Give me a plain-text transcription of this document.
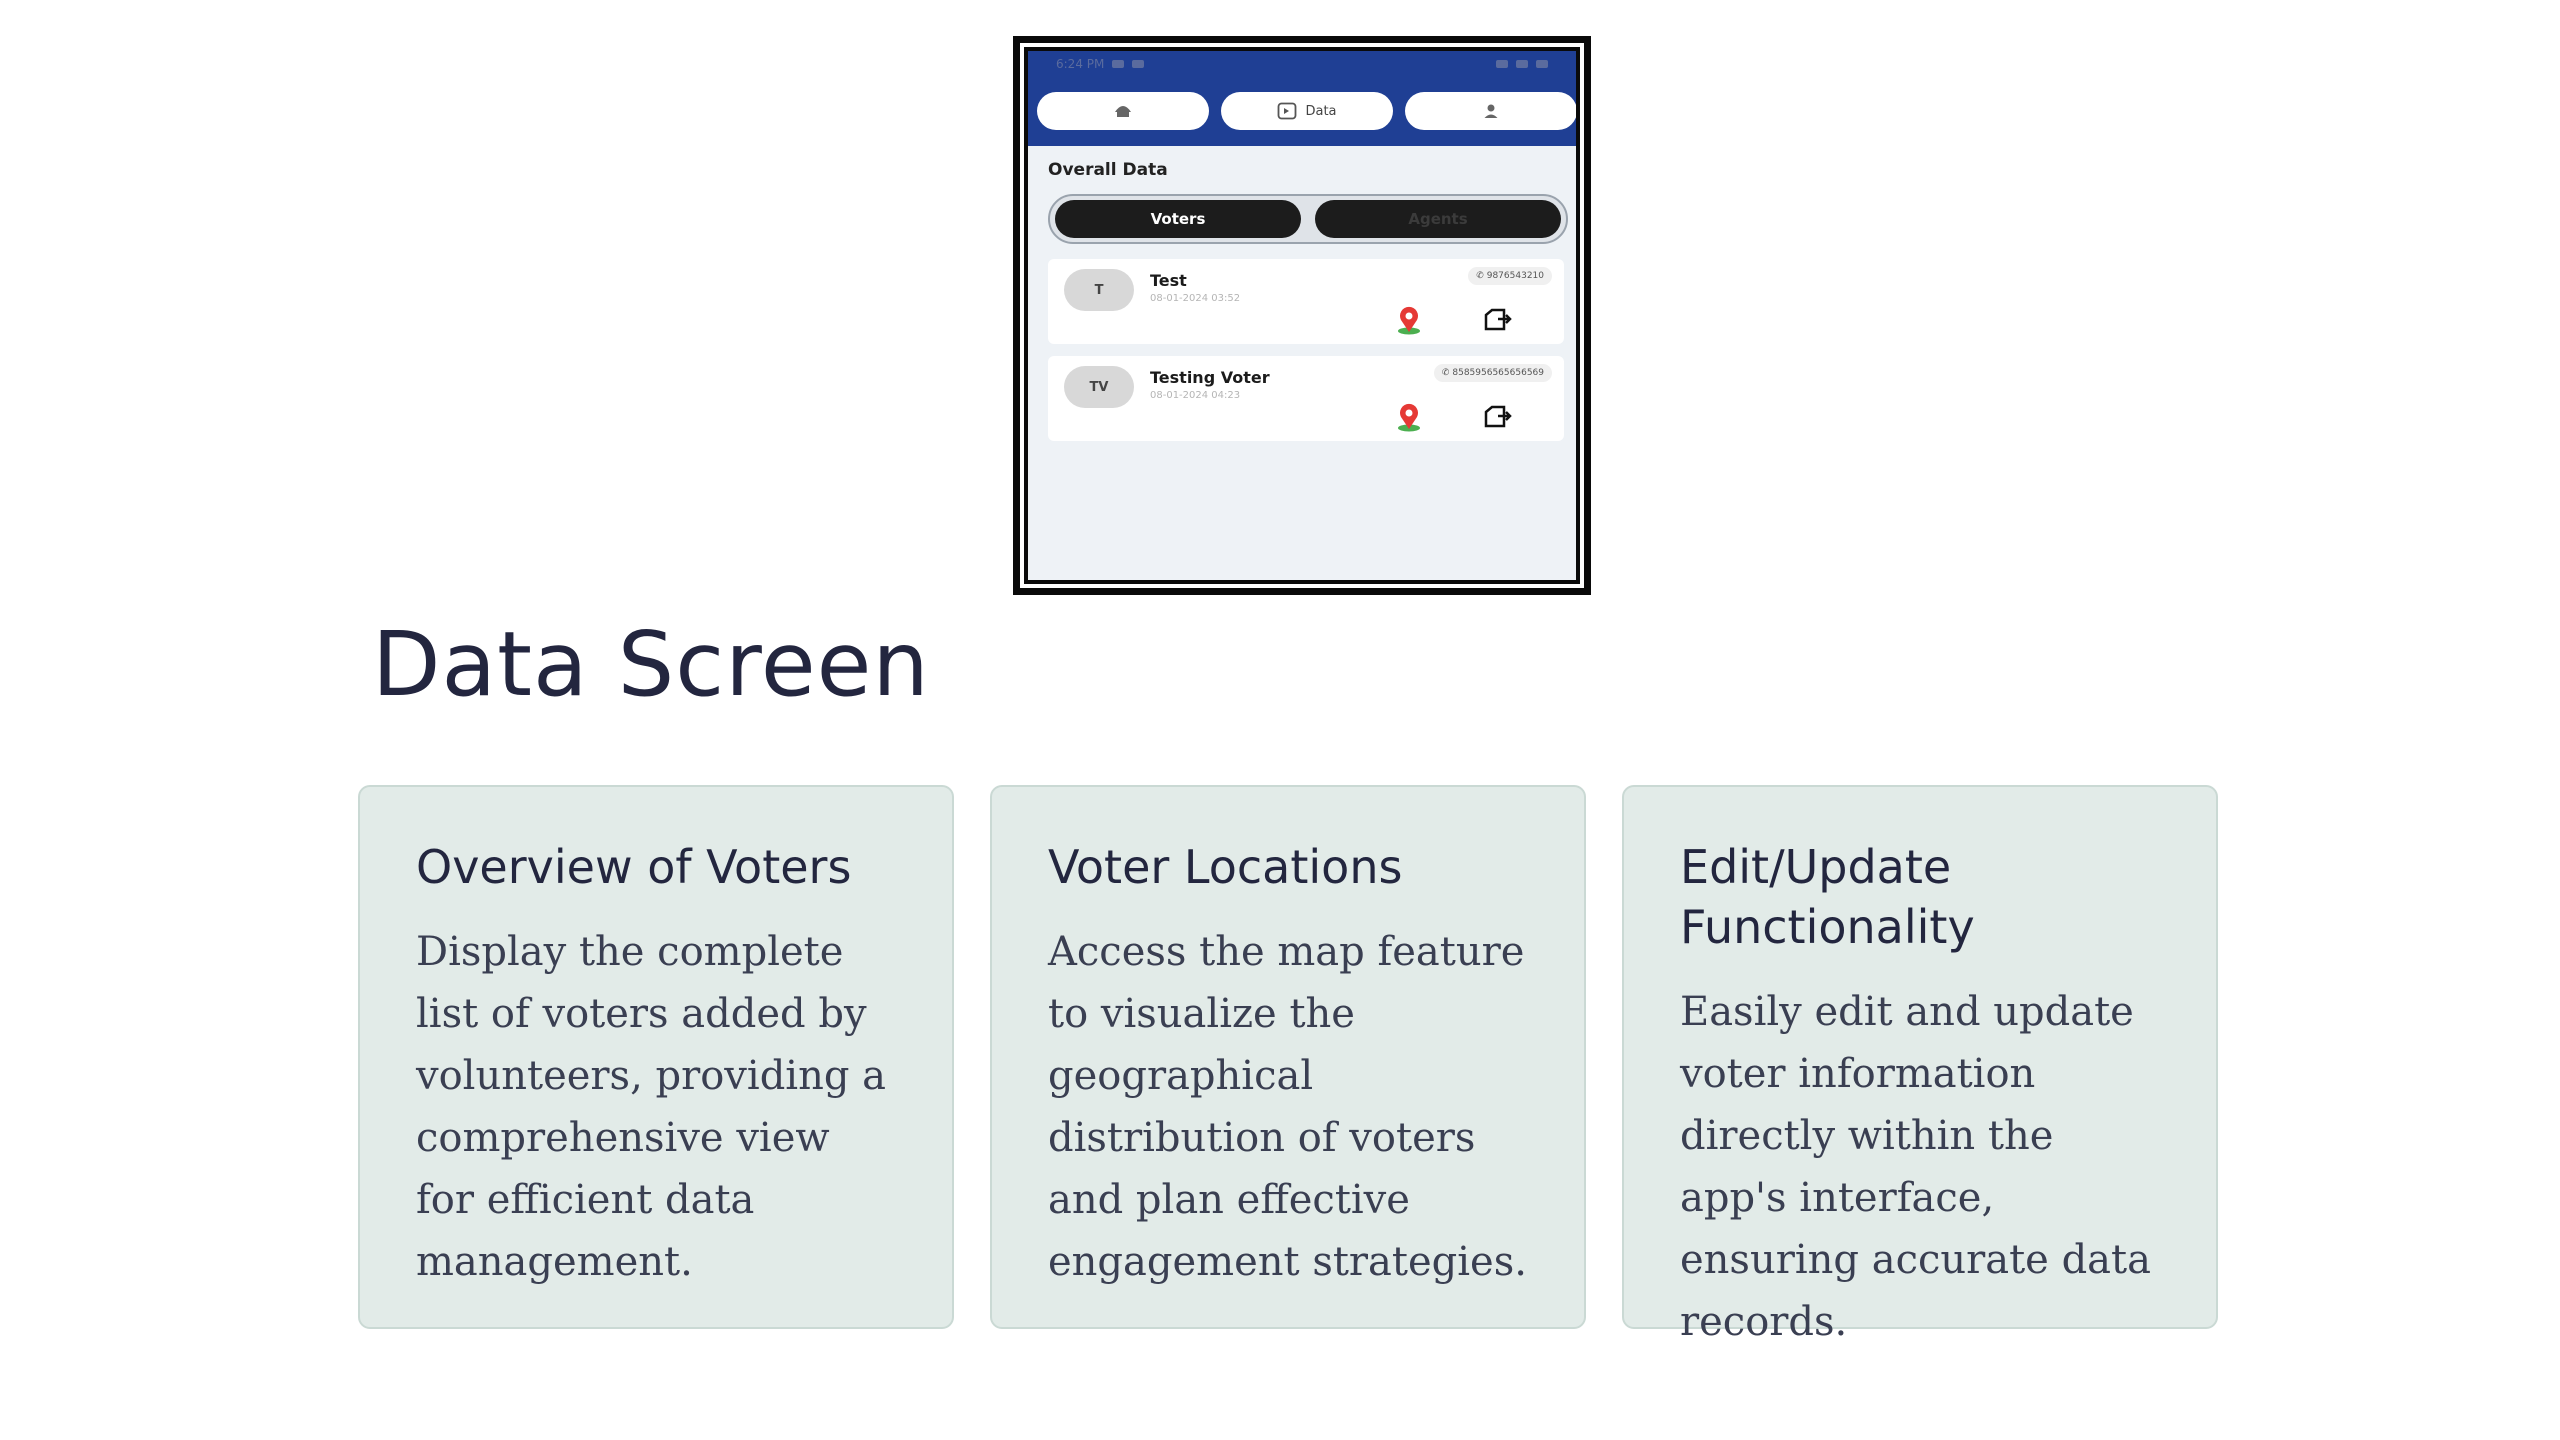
6:24 PM
Data
Overall Data
Voters	Agents
T	Test
08-01-2024 03:52
✆ 9876543210
TV	Testing Voter
08-01-2024 04:23
✆ 8585956565656569
Data Screen
Overview of Voters

Display the complete list of voters added by volunteers, providing a comprehensive view for efficient data management.

Voter Locations

Access the map feature to visualize the geographical distribution of voters and plan effective engagement strategies.

Edit/Update Functionality

Easily edit and update voter information directly within the app's interface, ensuring accurate data records.
